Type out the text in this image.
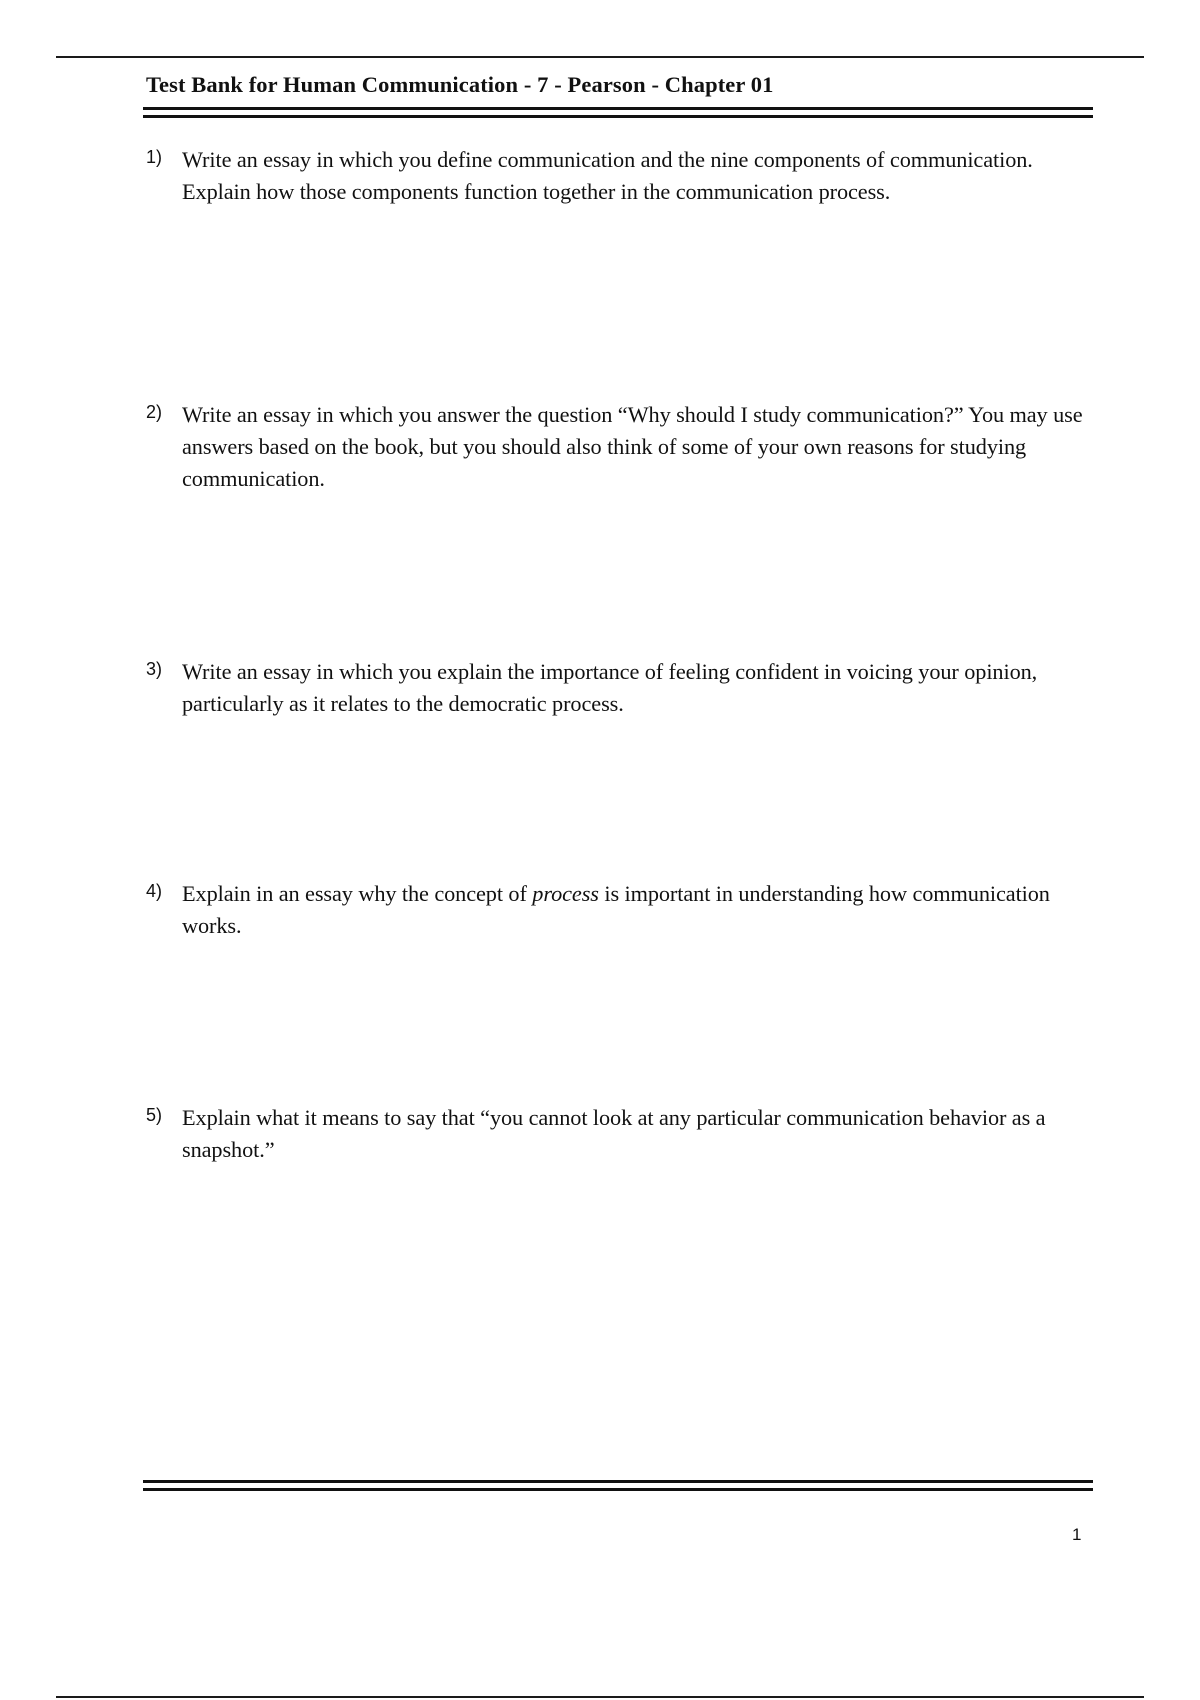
Test Bank for Human Communication - 7 - Pearson - Chapter 01
1) Write an essay in which you define communication and the nine components of communication. Explain how those components function together in the communication process.
2) Write an essay in which you answer the question “Why should I study communication?” You may use answers based on the book, but you should also think of some of your own reasons for studying communication.
3) Write an essay in which you explain the importance of feeling confident in voicing your opinion, particularly as it relates to the democratic process.
4) Explain in an essay why the concept of process is important in understanding how communication works.
5) Explain what it means to say that “you cannot look at any particular communication behavior as a snapshot.”
1
